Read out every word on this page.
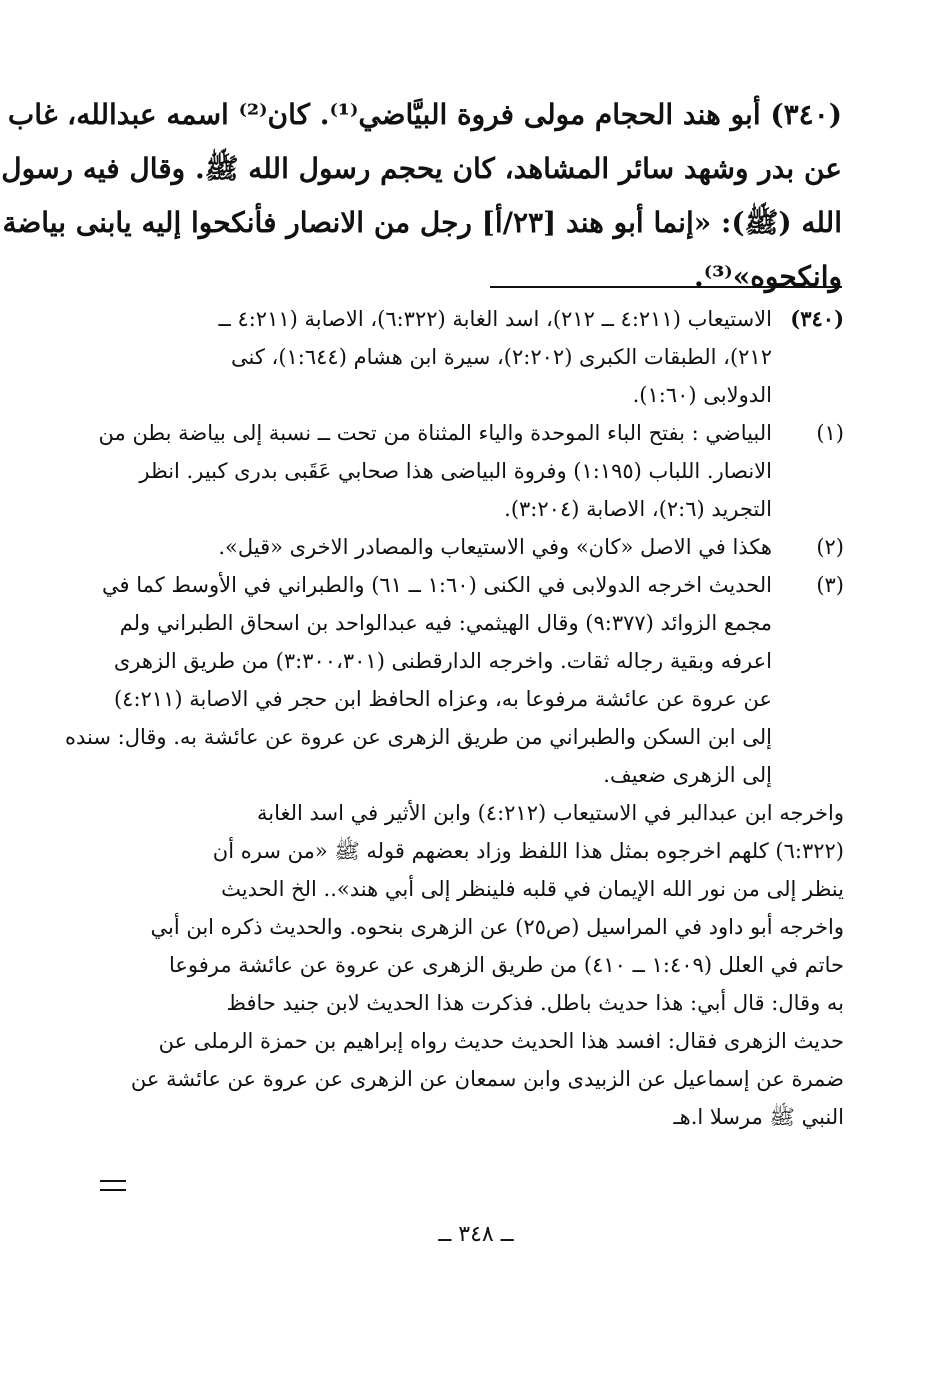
(٣٤٠) أبو هند الحجام مولى فروة البيَّاضي⁽¹⁾. كان⁽²⁾ اسمه عبدالله، غاب
عن بدر وشهد سائر المشاهد، كان يحجم رسول الله ﷺ. وقال فيه رسول
الله (ﷺ): «إنما أبو هند [٢٣/أ] رجل من الانصار فأنكحوا إليه يابنى بياضة
وانكحوه»⁽³⁾.
(٣٤٠)
الاستيعاب (٤:٢١١ ــ ٢١٢)، اسد الغابة (٦:٣٢٢)، الاصابة (٤:٢١١ ــ
٢١٢)، الطبقات الكبرى (٢:٢٠٢)، سيرة ابن هشام (١:٦٤٤)، كنى
الدولابى (١:٦٠).
(١)
البياضي : بفتح الباء الموحدة والياء المثناة من تحت ــ نسبة إلى بياضة بطن من
الانصار. اللباب (١:١٩٥) وفروة البياضى هذا صحابي عَقَبى بدرى كبير. انظر
التجريد (٢:٦)، الاصابة (٣:٢٠٤).
(٢)
هكذا في الاصل «كان» وفي الاستيعاب والمصادر الاخرى «قيل».
(٣)
الحديث اخرجه الدولابى في الكنى (١:٦٠ ــ ٦١) والطبراني في الأوسط كما في
مجمع الزوائد (٩:٣٧٧) وقال الهيثمي: فيه عبدالواحد بن اسحاق الطبراني ولم
اعرفه وبقية رجاله ثقات. واخرجه الدارقطنى (٣:٣٠٠،٣٠١) من طريق الزهرى
عن عروة عن عائشة مرفوعا به، وعزاه الحافظ ابن حجر في الاصابة (٤:٢١١)
إلى ابن السكن والطبراني من طريق الزهرى عن عروة عن عائشة به. وقال: سنده
إلى الزهرى ضعيف.
واخرجه ابن عبدالبر في الاستيعاب (٤:٢١٢) وابن الأثير في اسد الغابة
(٦:٣٢٢) كلهم اخرجوه بمثل هذا اللفظ وزاد بعضهم قوله ﷺ «من سره أن
ينظر إلى من نور الله الإيمان في قلبه فلينظر إلى أبي هند».. الخ الحديث
واخرجه أبو داود في المراسيل (ص٢٥) عن الزهرى بنحوه. والحديث ذكره ابن أبي
حاتم في العلل (١:٤٠٩ ــ ٤١٠) من طريق الزهرى عن عروة عن عائشة مرفوعا
به وقال: قال أبي: هذا حديث باطل. فذكرت هذا الحديث لابن جنيد حافظ
حديث الزهرى فقال: افسد هذا الحديث حديث رواه إبراهيم بن حمزة الرملى عن
ضمرة عن إسماعيل عن الزبيدى وابن سمعان عن الزهرى عن عروة عن عائشة عن
النبي ﷺ مرسلا ا.هـ
ــ ٣٤٨ ــ
